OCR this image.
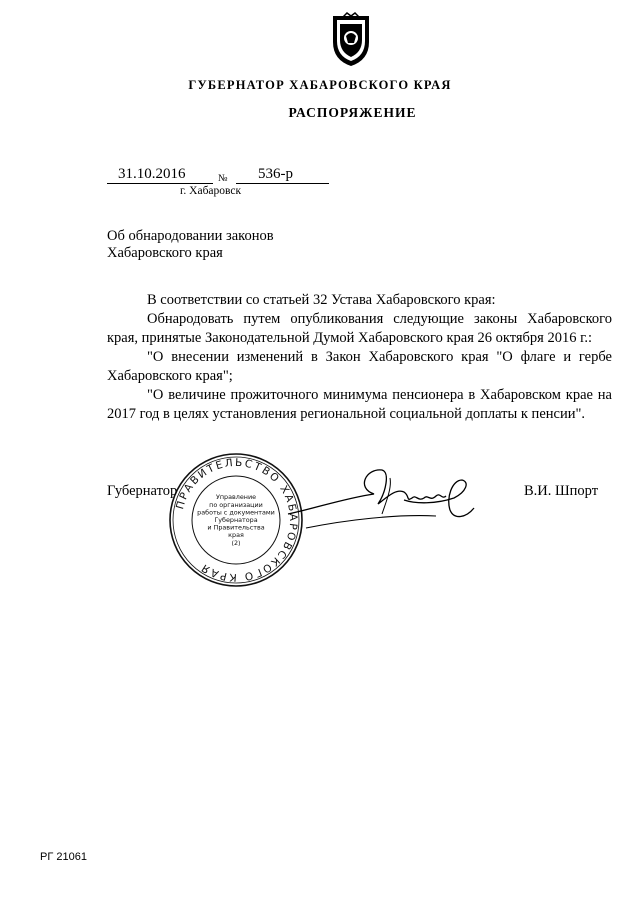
ГУБЕРНАТОР ХАБАРОВСКОГО КРАЯ
РАСПОРЯЖЕНИЕ
31.10.2016	№ 536-р
г. Хабаровск
Об обнародовании законов
Хабаровского края

В соответствии со статьей 32 Устава Хабаровского края:

Обнародовать путем опубликования следующие законы Хабаровского края, принятые Законодательной Думой Хабаровского края 26 октября 2016 г.:

"О внесении изменений в Закон Хабаровского края "О флаге и гербе Хабаровского края";

"О величине прожиточного минимума пенсионера в Хабаровском крае на 2017 год в целях установления региональной социальной доплаты к пенсии".

ПРАВИТЕЛЬСТВО ХАБАРОВСКОГО КРАЯ
Управление
по организации
работы с документами
Губернатора
и Правительства
края
(2)
Губернатор	В.И. Шпорт
РГ 21061
